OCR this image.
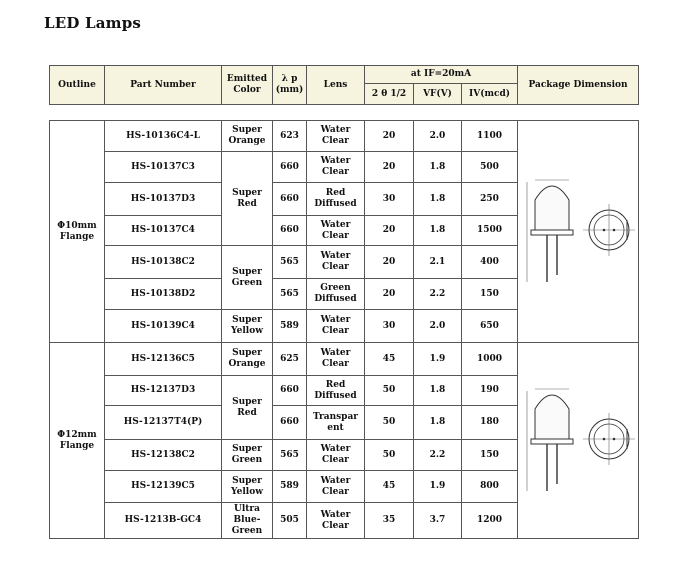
LED Lamps
Outline	Part Number	Emitted Color	λ p (mm)	Lens	at IF=20mA			Package Dimension
					2 θ 1/2	VF(V)	IV(mcd)	
Φ10mm Flange	HS-10136C4-L	Super Orange	623	Water Clear	20	2.0	1100	
	HS-10137C3	Super Red	660	Water Clear	20	1.8	500	
	HS-10137D3		660	Red Diffused	30	1.8	250	
	HS-10137C4		660	Water Clear	20	1.8	1500	
	HS-10138C2	Super Green	565	Water Clear	20	2.1	400	
	HS-10138D2		565	Green Diffused	20	2.2	150	
	HS-10139C4	Super Yellow	589	Water Clear	30	2.0	650	
Φ12mm Flange	HS-12136C5	Super Orange	625	Water Clear	45	1.9	1000	
	HS-12137D3	Super Red	660	Red Diffused	50	1.8	190	
	HS-12137T4(P)		660	Transpar ent	50	1.8	180	
	HS-12138C2	Super Green	565	Water Clear	50	2.2	150	
	HS-12139C5	Super Yellow	589	Water Clear	45	1.9	800	
	HS-1213B-GC4	Ultra Blue-Green	505	Water Clear	35	3.7	1200	
